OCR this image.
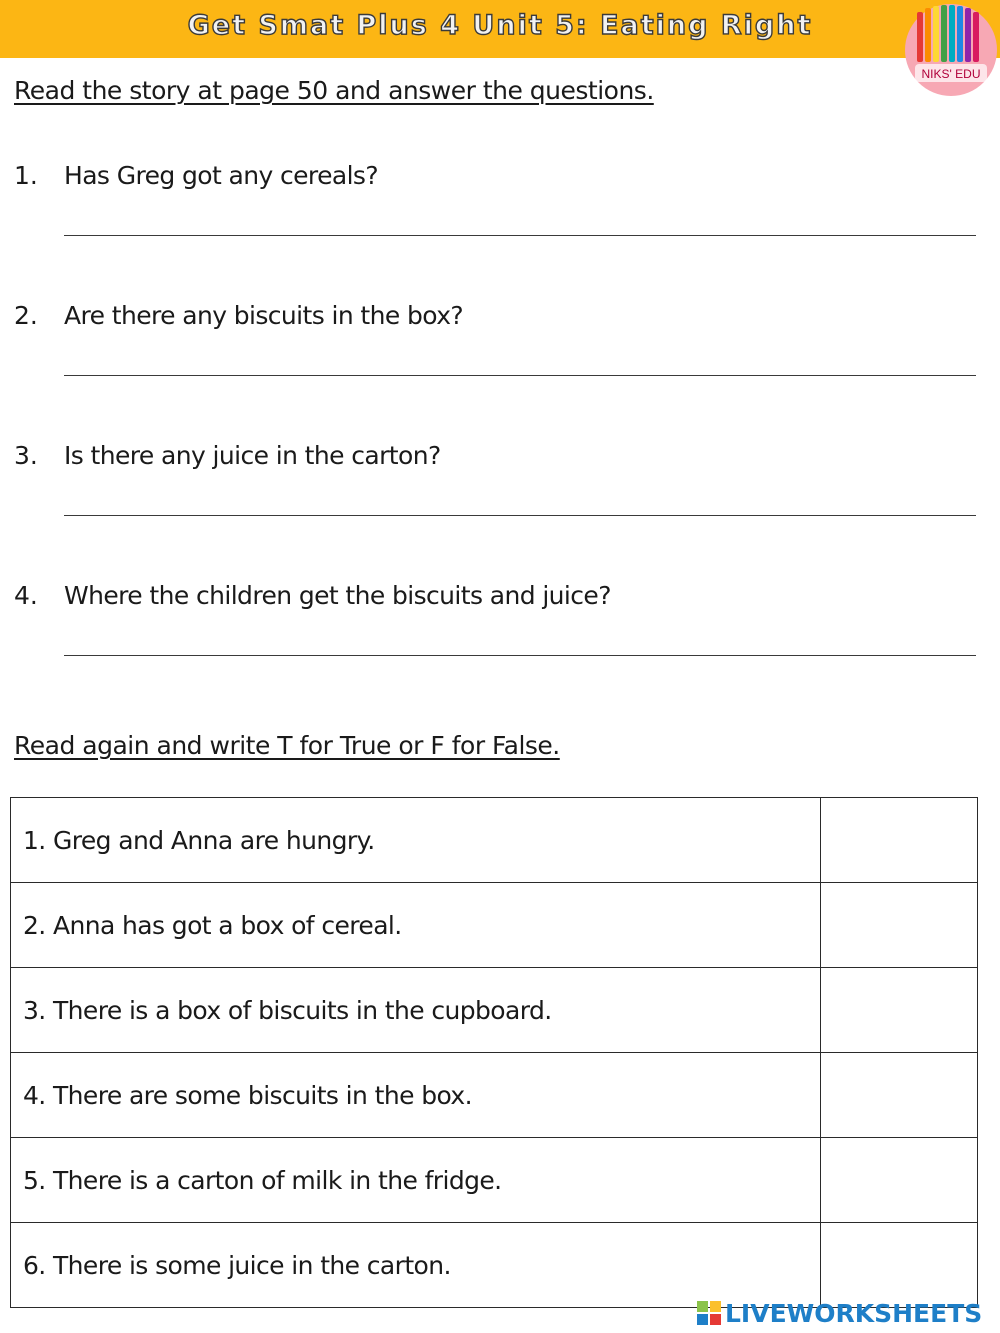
Get Smat Plus 4 Unit 5: Eating Right
NIKS' EDU
Read the story at page 50 and answer the questions.
1. Has Greg got any cereals?
2. Are there any biscuits in the box?
3. Is there any juice in the carton?
4. Where the children get the biscuits and juice?
Read again and write T for True or F for False.
1. Greg and Anna are hungry.	
2. Anna has got a box of cereal.	
3. There is a box of biscuits in the cupboard.	
4. There are some biscuits in the box.	
5. There is a carton of milk in the fridge.	
6. There is some juice in the carton.	
LIVEWORKSHEETS
